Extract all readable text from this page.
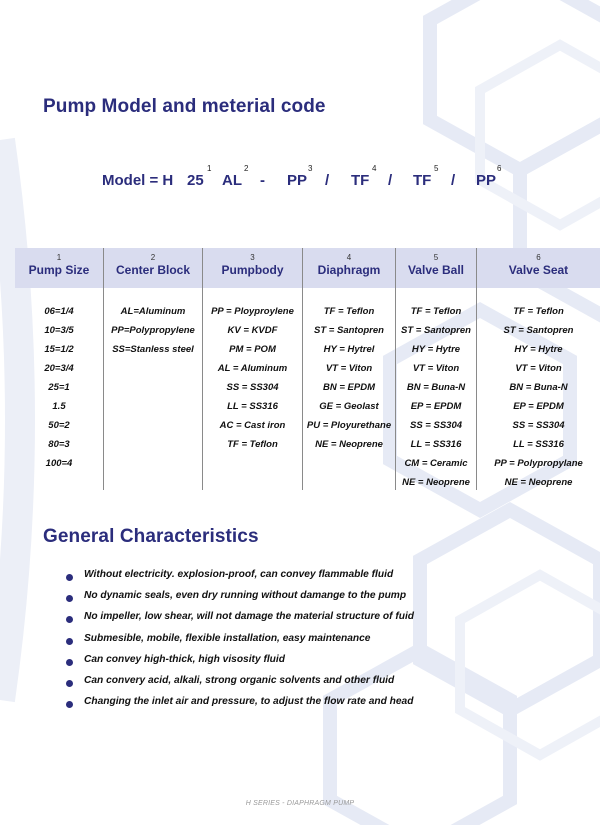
Pump Model and meterial code
Model = H 25
1
AL
2
- PP
3
/ TF
4
/ TF
5
/ PP
6
1
Pump Size
06=1/4
10=3/5
15=1/2
20=3/4
25=1
1.5
50=2
80=3
100=4
2
Center Block
AL=Aluminum
PP=Polypropylene
SS=Stanless steel
3
Pumpbody
PP = Ployproylene
KV = KVDF
PM = POM
AL = Aluminum
SS = SS304
LL = SS316
AC = Cast iron
TF = Teflon
4
Diaphragm
TF = Teflon
ST = Santopren
HY = Hytrel
VT = Viton
BN = EPDM
GE = Geolast
PU = Ployurethane
NE = Neoprene
5
Valve Ball
TF = Teflon
ST = Santopren
HY = Hytre
VT = Viton
BN = Buna-N
EP = EPDM
SS = SS304
LL = SS316
CM = Ceramic
NE = Neoprene
6
Valve Seat
TF = Teflon
ST = Santopren
HY = Hytre
VT = Viton
BN = Buna-N
EP = EPDM
SS = SS304
LL = SS316
PP = Polypropylane
NE = Neoprene
General Characteristics
Without electricity. explosion-proof, can convey flammable fluid
No dynamic seals, even dry running without damange to the pump
No impeller, low shear, will not damage the material structure of fuid
Submesible, mobile, flexible installation, easy maintenance
Can convey high-thick, high visosity fluid
Can convery acid, alkali, strong organic solvents and other fluid
Changing the inlet air and pressure, to adjust the flow rate and head
H SERIES - DIAPHRAGM PUMP
